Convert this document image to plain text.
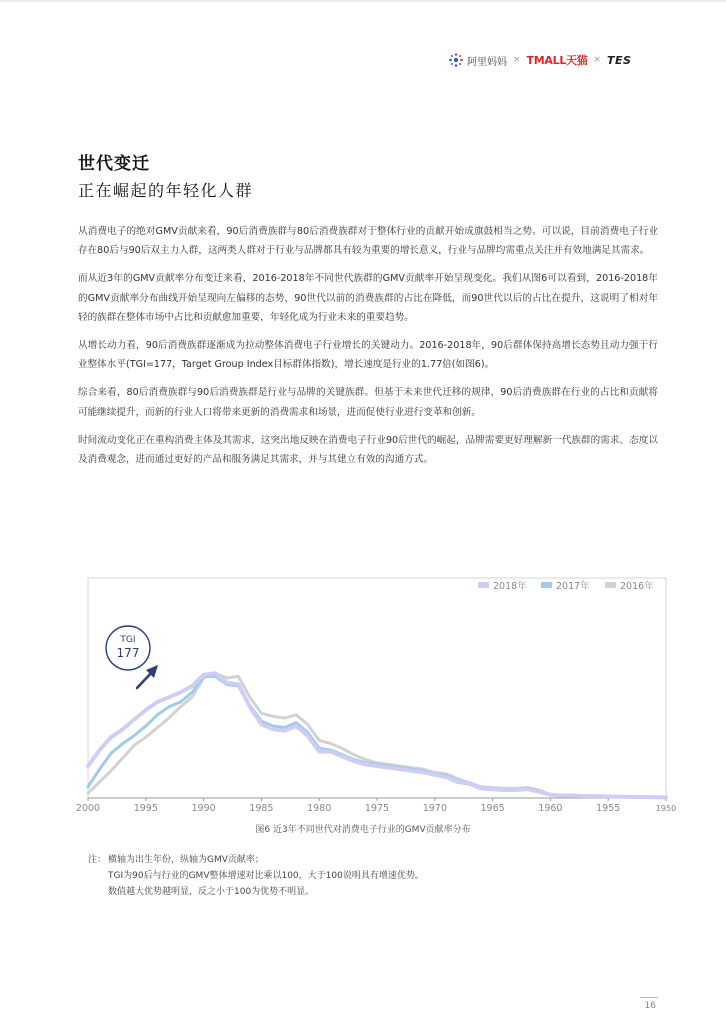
阿里妈妈 × TMALL天猫 × TES
世代变迁
正在崛起的年轻化人群

从消费电子的绝对GMV贡献来看，90后消费族群与80后消费族群对于整体行业的贡献开始成旗鼓相当之势。可以说，目前消费电子行业存在80后与90后双主力人群，这两类人群对于行业与品牌都具有较为重要的增长意义，行业与品牌均需重点关注并有效地满足其需求。

而从近3年的GMV贡献率分布变迁来看，2016-2018年不同世代族群的GMV贡献率开始呈现变化。我们从图6可以看到，2016-2018年的GMV贡献率分布曲线开始呈现向左偏移的态势，90世代以前的消费族群的占比在降低，而90世代以后的占比在提升，这说明了相对年轻的族群在整体市场中占比和贡献愈加重要，年轻化成为行业未来的重要趋势。

从增长动力看，90后消费族群逐渐成为拉动整体消费电子行业增长的关键动力。2016-2018年，90后群体保持高增长态势且动力强于行业整体水平(TGI=177，Target Group Index目标群体指数)，增长速度是行业的1.77倍(如图6)。

综合来看，80后消费族群与90后消费族群是行业与品牌的关键族群。但基于未来世代迁移的规律，90后消费族群在行业的占比和贡献将可能继续提升，而新的行业人口将带来更新的消费需求和场景，进而促使行业进行变革和创新。

时间流动变化正在重构消费主体及其需求，这突出地反映在消费电子行业90后世代的崛起，品牌需要更好理解新一代族群的需求、态度以及消费观念，进而通过更好的产品和服务满足其需求，并与其建立有效的沟通方式。

2000	1995	1990	1985	1980	1975	1970	1965	1960	1955	1950
2018年	2017年	2016年
TGI
177
图6 近3年不同世代对消费电子行业的GMV贡献率分布
注： 横轴为出生年份，纵轴为GMV贡献率；
TGI为90后与行业的GMV整体增速对比乘以100，大于100说明具有增速优势。
数值越大优势越明显，反之小于100为优势不明显。
16
